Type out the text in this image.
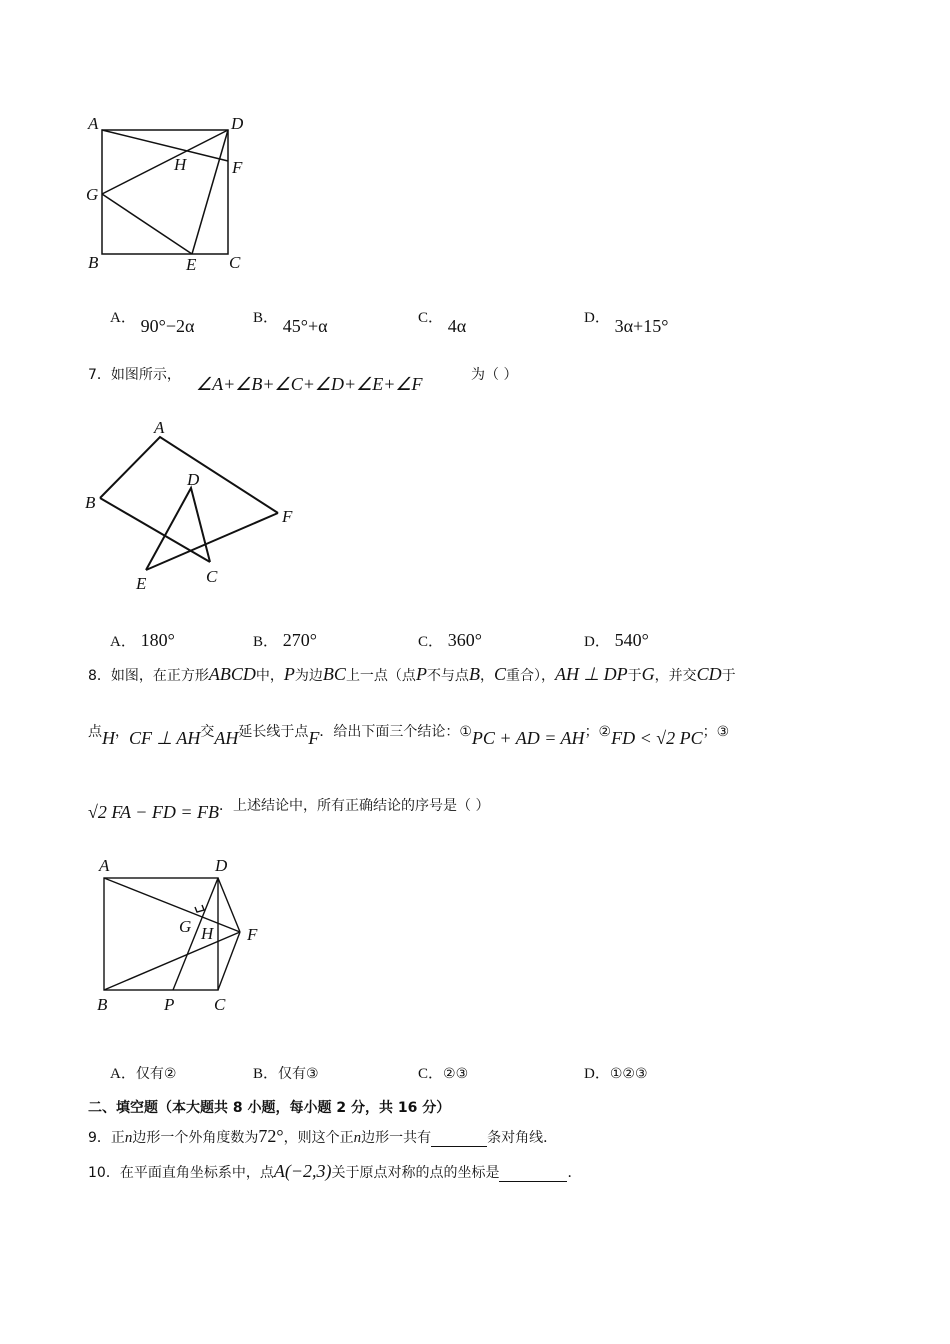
A	D
H	F
G
B	E C
A． 90°−2α	B． 45°+α	C． 4α	D． 3α+15°
7．如图所示， ∠A+∠B+∠C+∠D+∠E+∠F	为（ ）
A
B
D
F
E	C
A． 180°	B． 270°	C． 360°	D． 540°
8．如图，在正方形ABCD中，P为边BC上一点（点P不与点B，C重合），AH ⊥ DP于G，并交CD于
点H，CF ⊥ AH交AH延长线于点F．给出下面三个结论：①PC + AD = AH；②FD < √2 PC；③
√2 FA − FD = FB．上述结论中，所有正确结论的序号是（ ）
A	D
G H F
B	P C
A．仅有②	B．仅有③	C．②③	D．①②③
二、填空题（本大题共 8 小题，每小题 2 分，共 16 分）
9．正n边形一个外角度数为72°，则这个正n边形一共有	条对角线．
10．在平面直角坐标系中，点A(−2,3)关于原点对称的点的坐标是	．
